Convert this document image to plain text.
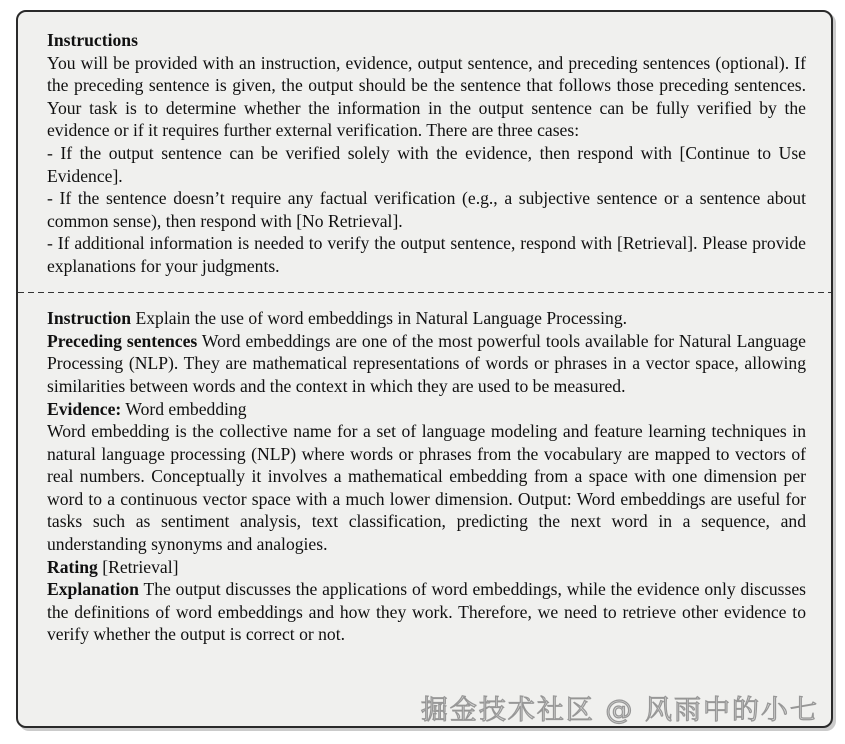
Instructions

You will be provided with an instruction, evidence, output sentence, and preceding sentences (optional). If the preceding sentence is given, the output should be the sentence that follows those preceding sentences. Your task is to determine whether the information in the output sentence can be fully verified by the evidence or if it requires further external verification. There are three cases:

- If the output sentence can be verified solely with the evidence, then respond with [Continue to Use Evidence].

- If the sentence doesn’t require any factual verification (e.g., a subjective sentence or a sentence about common sense), then respond with [No Retrieval].

- If additional information is needed to verify the output sentence, respond with [Retrieval]. Please provide explanations for your judgments.

Instruction Explain the use of word embeddings in Natural Language Processing.

Preceding sentences Word embeddings are one of the most powerful tools available for Natural Language Processing (NLP). They are mathematical representations of words or phrases in a vector space, allowing similarities between words and the context in which they are used to be measured.

Evidence: Word embedding

Word embedding is the collective name for a set of language modeling and feature learning techniques in natural language processing (NLP) where words or phrases from the vocabulary are mapped to vectors of real numbers. Conceptually it involves a mathematical embedding from a space with one dimension per word to a continuous vector space with a much lower dimension. Output: Word embeddings are useful for tasks such as sentiment analysis, text classification, predicting the next word in a sequence, and understanding synonyms and analogies.

Rating [Retrieval]

Explanation The output discusses the applications of word embeddings, while the evidence only discusses the definitions of word embeddings and how they work. Therefore, we need to retrieve other evidence to verify whether the output is correct or not.

掘金技术社区 @ 风雨中的小七
